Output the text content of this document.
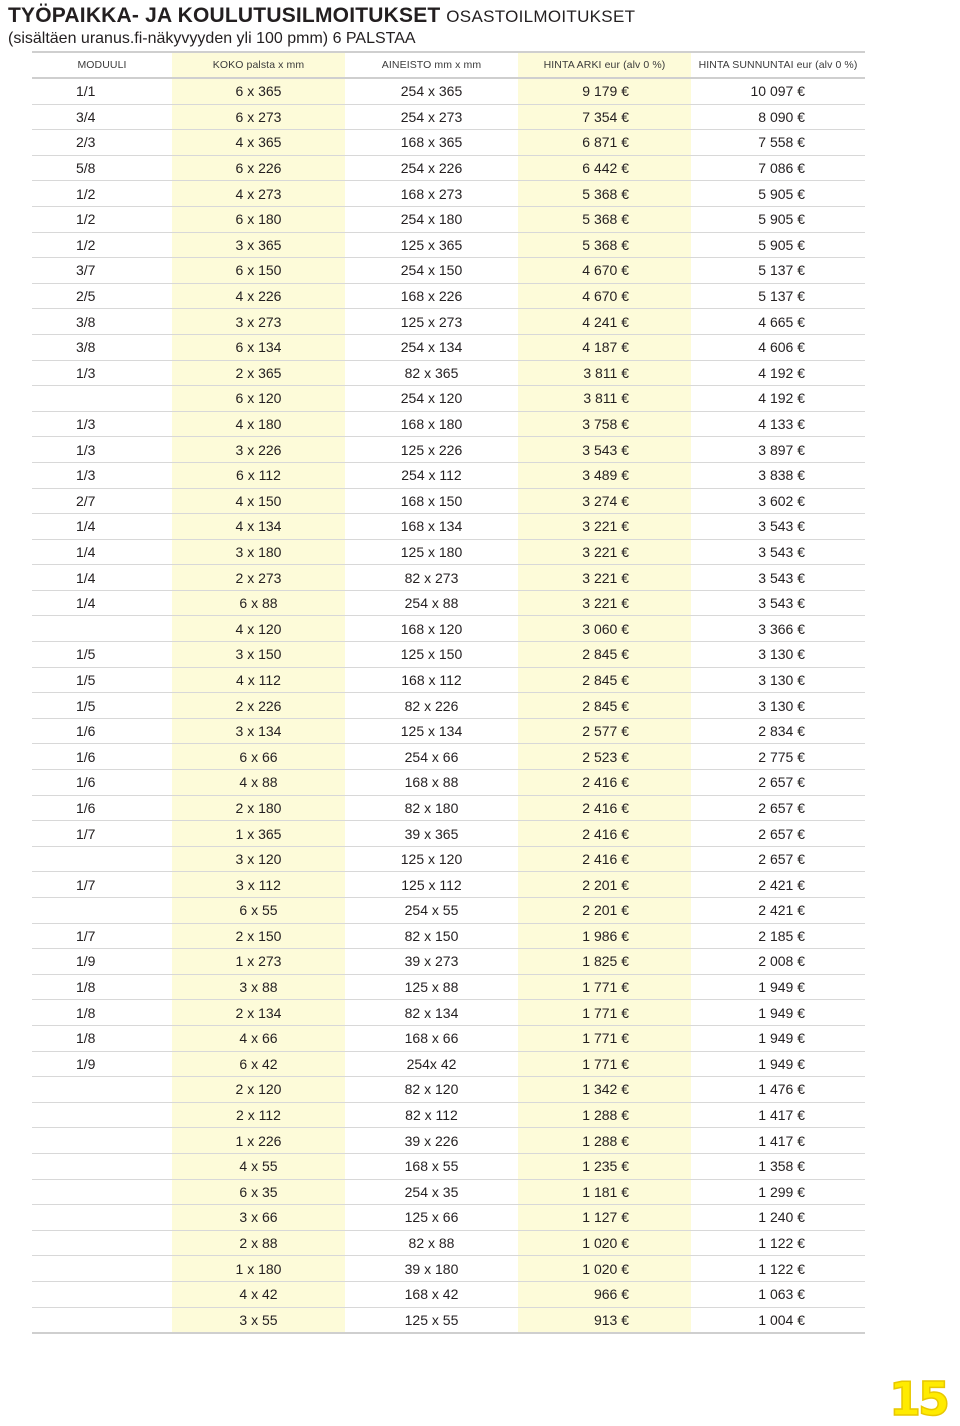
TYÖPAIKKA- JA KOULUTUSILMOITUKSET OSASTOILMOITUKSET
(sisältäen uranus.fi-näkyvyyden yli 100 pmm) 6 PALSTAA
MODUULI	KOKO palsta x mm	AINEISTO mm x mm	HINTA ARKI eur (alv 0 %)	HINTA SUNNUNTAI eur (alv 0 %)
1/1	6 x 365	254 x 365	9 179 €	10 097 €
3/4	6 x 273	254 x 273	7 354 €	8 090 €
2/3	4 x 365	168 x 365	6 871 €	7 558 €
5/8	6 x 226	254 x 226	6 442 €	7 086 €
1/2	4 x 273	168 x 273	5 368 €	5 905 €
1/2	6 x 180	254 x 180	5 368 €	5 905 €
1/2	3 x 365	125 x 365	5 368 €	5 905 €
3/7	6 x 150	254 x 150	4 670 €	5 137 €
2/5	4 x 226	168 x 226	4 670 €	5 137 €
3/8	3 x 273	125 x 273	4 241 €	4 665 €
3/8	6 x 134	254 x 134	4 187 €	4 606 €
1/3	2 x 365	82 x 365	3 811 €	4 192 €
	6 x 120	254 x 120	3 811 €	4 192 €
1/3	4 x 180	168 x 180	3 758 €	4 133 €
1/3	3 x 226	125 x 226	3 543 €	3 897 €
1/3	6 x 112	254 x 112	3 489 €	3 838 €
2/7	4 x 150	168 x 150	3 274 €	3 602 €
1/4	4 x 134	168 x 134	3 221 €	3 543 €
1/4	3 x 180	125 x 180	3 221 €	3 543 €
1/4	2 x 273	82 x 273	3 221 €	3 543 €
1/4	6 x 88	254 x 88	3 221 €	3 543 €
	4 x 120	168 x 120	3 060 €	3 366 €
1/5	3 x 150	125 x 150	2 845 €	3 130 €
1/5	4 x 112	168 x 112	2 845 €	3 130 €
1/5	2 x 226	82 x 226	2 845 €	3 130 €
1/6	3 x 134	125 x 134	2 577 €	2 834 €
1/6	6 x 66	254 x 66	2 523 €	2 775 €
1/6	4 x 88	168 x 88	2 416 €	2 657 €
1/6	2 x 180	82 x 180	2 416 €	2 657 €
1/7	1 x 365	39 x 365	2 416 €	2 657 €
	3 x 120	125 x 120	2 416 €	2 657 €
1/7	3 x 112	125 x 112	2 201 €	2 421 €
	6 x 55	254 x 55	2 201 €	2 421 €
1/7	2 x 150	82 x 150	1 986 €	2 185 €
1/9	1 x 273	39 x 273	1 825 €	2 008 €
1/8	3 x 88	125 x 88	1 771 €	1 949 €
1/8	2 x 134	82 x 134	1 771 €	1 949 €
1/8	4 x 66	168 x 66	1 771 €	1 949 €
1/9	6 x 42	254x 42	1 771 €	1 949 €
	2 x 120	82 x 120	1 342 €	1 476 €
	2 x 112	82 x 112	1 288 €	1 417 €
	1 x 226	39 x 226	1 288 €	1 417 €
	4 x 55	168 x 55	1 235 €	1 358 €
	6 x 35	254 x 35	1 181 €	1 299 €
	3 x 66	125 x 66	1 127 €	1 240 €
	2 x 88	82 x 88	1 020 €	1 122 €
	1 x 180	39 x 180	1 020 €	1 122 €
	4 x 42	168 x 42	966 €	1 063 €
	3 x 55	125 x 55	913 €	1 004 €
15
